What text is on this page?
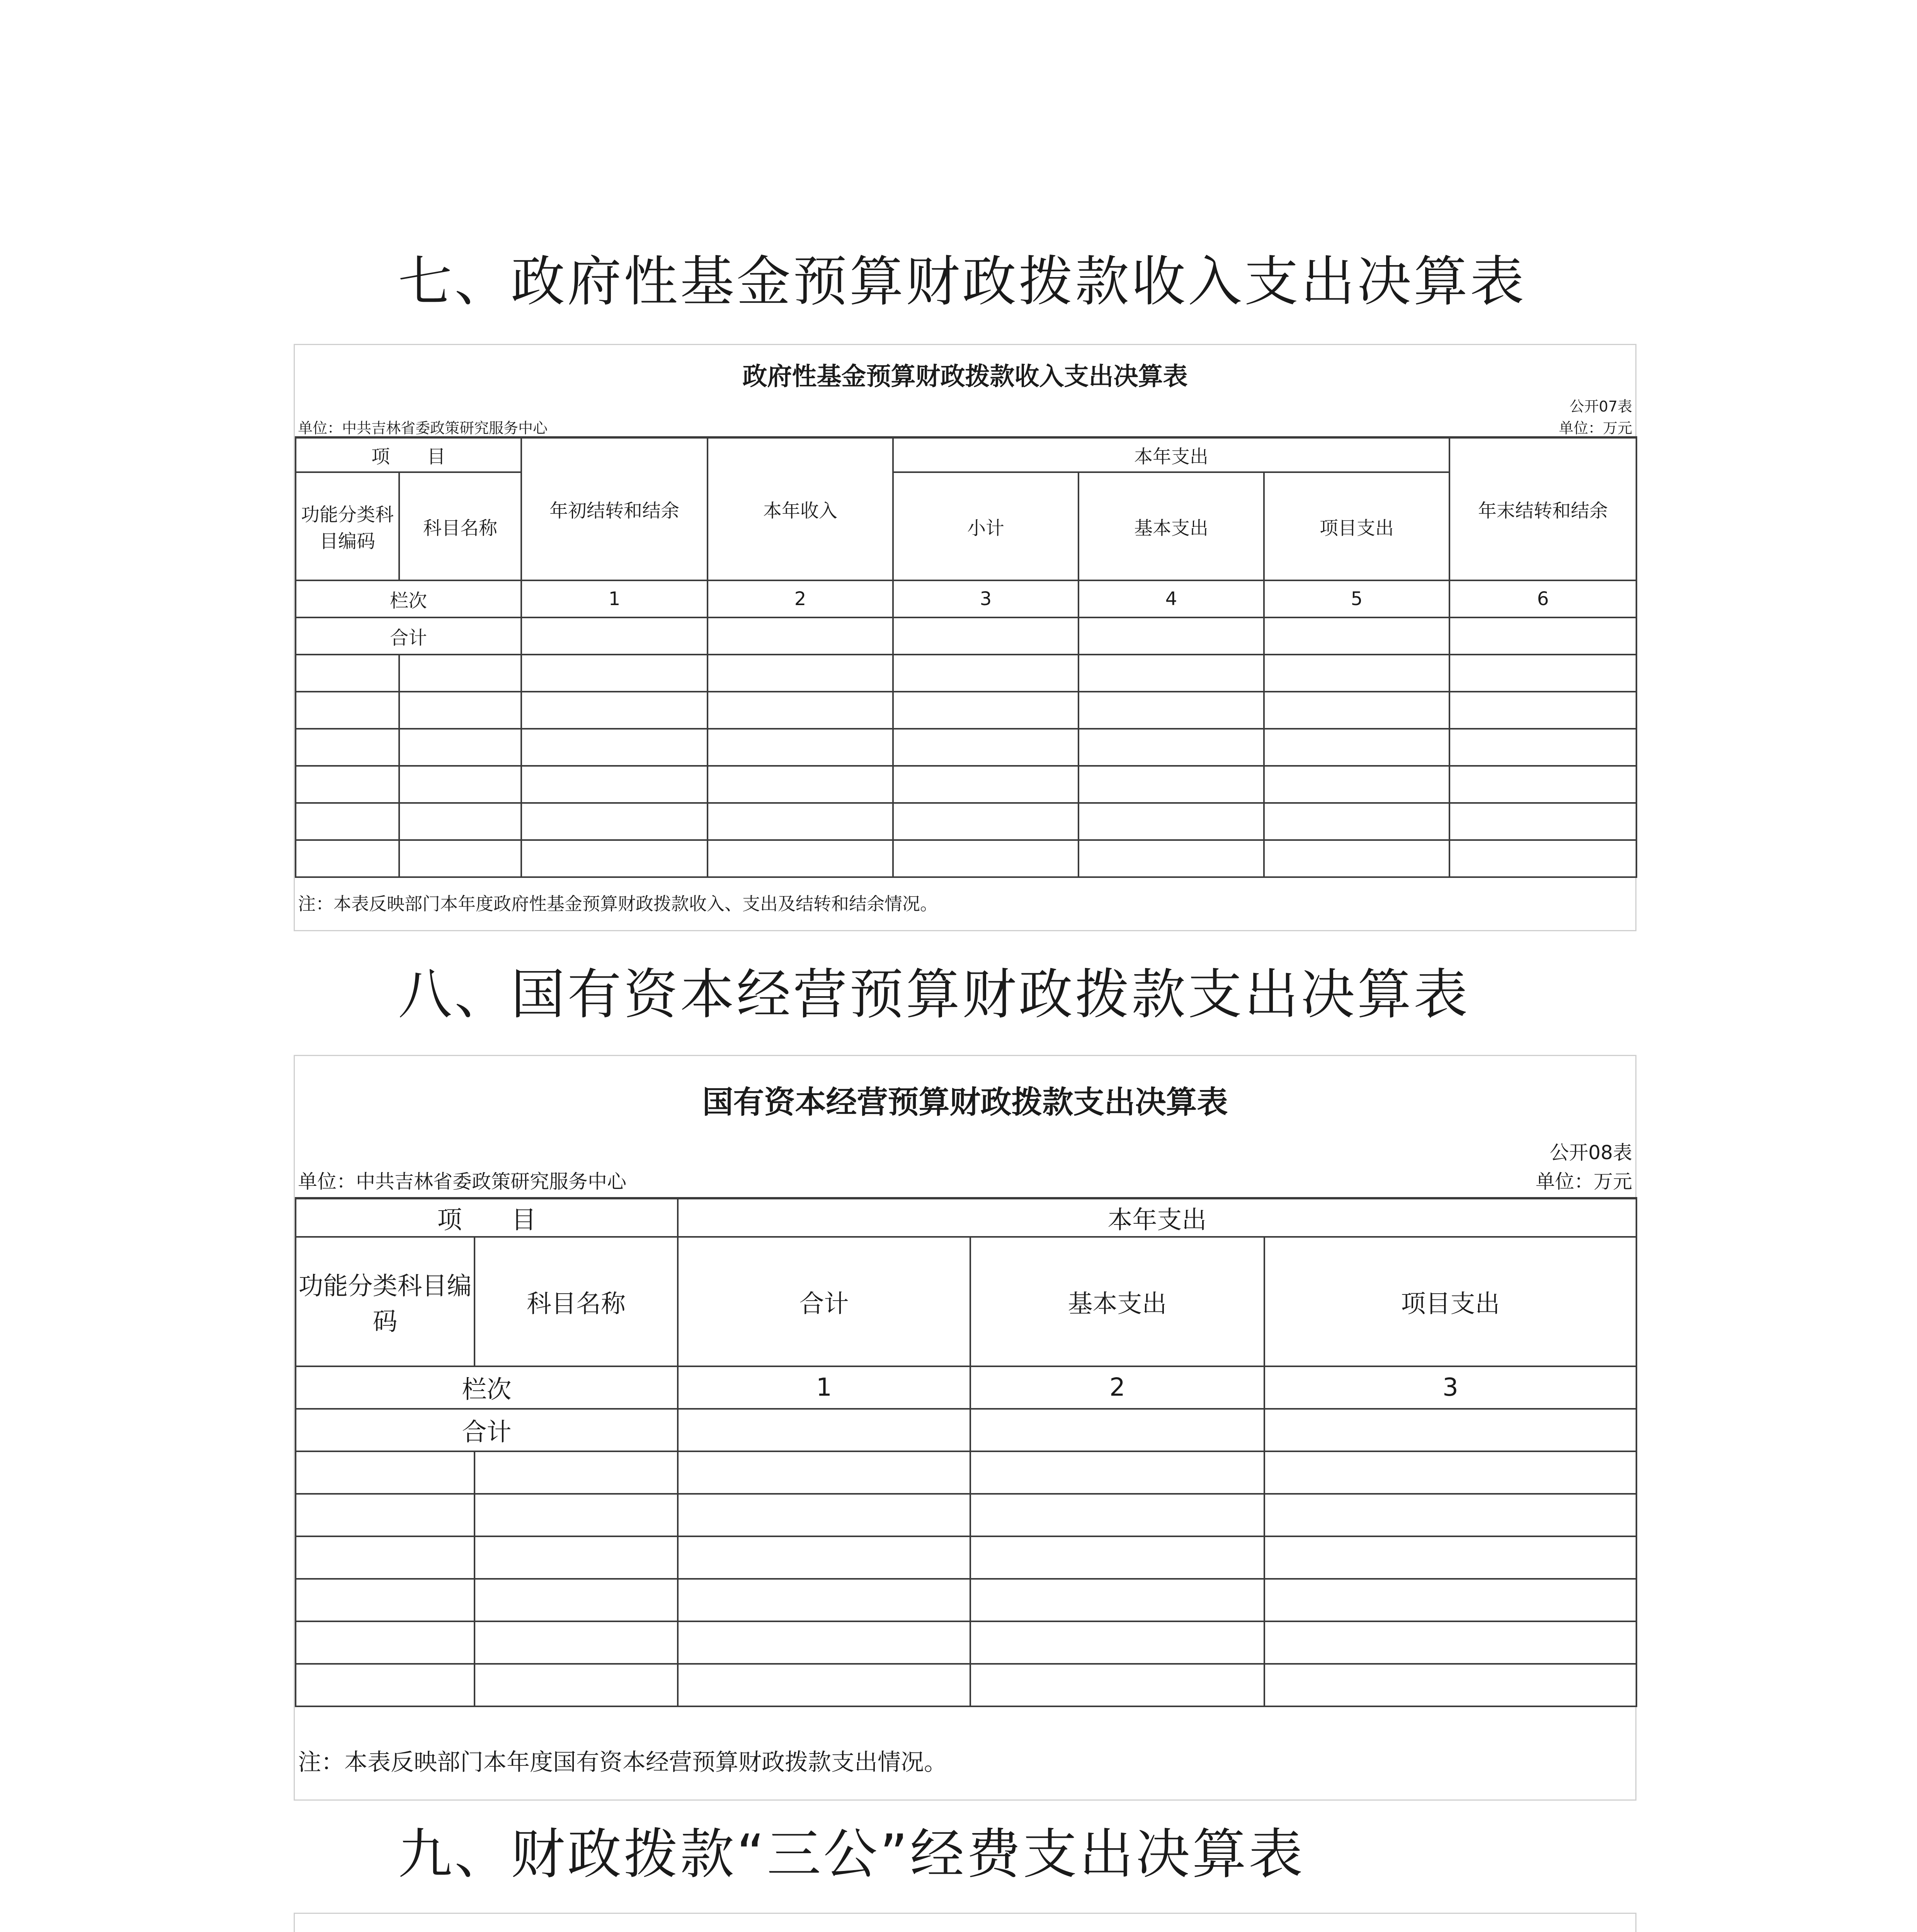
七、政府性基金预算财政拨款收入支出决算表
政府性基金预算财政拨款收入支出决算表
公开07表
单位：中共吉林省委政策研究服务中心	单位：万元
项　　目		年初结转和结余	本年收入	本年支出			年末结转和结余
功能分类科目编码	科目名称			小计	基本支出	项目支出	
栏次		1	2	3	4	5	6
合计							

注：本表反映部门本年度政府性基金预算财政拨款收入、支出及结转和结余情况。
八、国有资本经营预算财政拨款支出决算表
国有资本经营预算财政拨款支出决算表
公开08表
单位：中共吉林省委政策研究服务中心	单位：万元
项　　目		本年支出		
功能分类科目编码	科目名称	合计	基本支出	项目支出
栏次		1	2	3
合计				

注：本表反映部门本年度国有资本经营预算财政拨款支出情况。
九、财政拨款“三公”经费支出决算表
